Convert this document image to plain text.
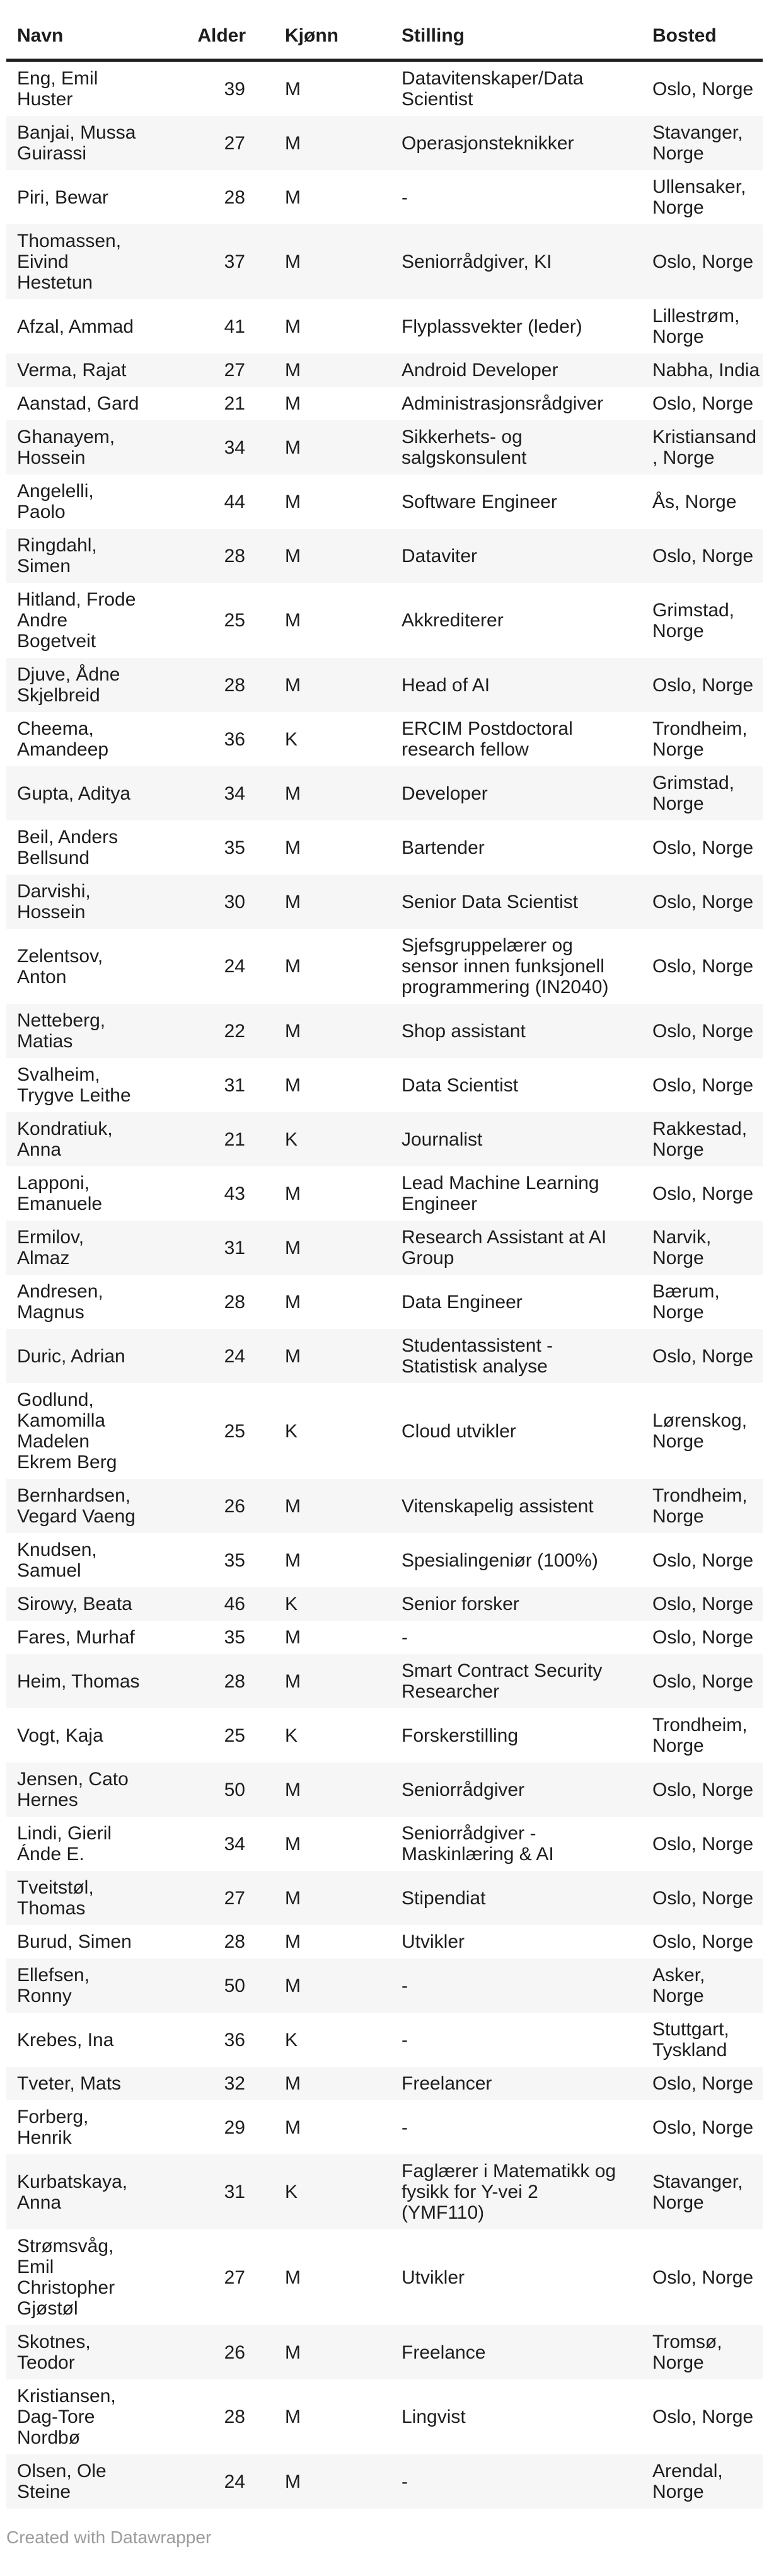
Navn	Alder	Kjønn	Stilling	Bosted
Eng, Emil Huster	39	M	Datavitenskaper/Data Scientist	Oslo, Norge
Banjai, Mussa Guirassi	27	M	Operasjonsteknikker	Stavanger, Norge
Piri, Bewar	28	M	-	Ullensaker, Norge
Thomassen, Eivind Hestetun	37	M	Seniorrådgiver, KI	Oslo, Norge
Afzal, Ammad	41	M	Flyplassvekter (leder)	Lillestrøm, Norge
Verma, Rajat	27	M	Android Developer	Nabha, India
Aanstad, Gard	21	M	Administrasjonsrådgiver	Oslo, Norge
Ghanayem, Hossein	34	M	Sikkerhets- og salgskonsulent	Kristiansand, Norge
Angelelli, Paolo	44	M	Software Engineer	Ås, Norge
Ringdahl, Simen	28	M	Dataviter	Oslo, Norge
Hitland, Frode Andre Bogetveit	25	M	Akkrediterer	Grimstad, Norge
Djuve, Ådne Skjelbreid	28	M	Head of AI	Oslo, Norge
Cheema, Amandeep	36	K	ERCIM Postdoctoral research fellow	Trondheim, Norge
Gupta, Aditya	34	M	Developer	Grimstad, Norge
Beil, Anders Bellsund	35	M	Bartender	Oslo, Norge
Darvishi, Hossein	30	M	Senior Data Scientist	Oslo, Norge
Zelentsov, Anton	24	M	Sjefsgruppelærer og sensor innen funksjonell programmering (IN2040)	Oslo, Norge
Netteberg, Matias	22	M	Shop assistant	Oslo, Norge
Svalheim, Trygve Leithe	31	M	Data Scientist	Oslo, Norge
Kondratiuk, Anna	21	K	Journalist	Rakkestad, Norge
Lapponi, Emanuele	43	M	Lead Machine Learning Engineer	Oslo, Norge
Ermilov, Almaz	31	M	Research Assistant at AI Group	Narvik, Norge
Andresen, Magnus	28	M	Data Engineer	Bærum, Norge
Duric, Adrian	24	M	Studentassistent - Statistisk analyse	Oslo, Norge
Godlund, Kamomilla Madelen Ekrem Berg	25	K	Cloud utvikler	Lørenskog, Norge
Bernhardsen, Vegard Vaeng	26	M	Vitenskapelig assistent	Trondheim, Norge
Knudsen, Samuel	35	M	Spesialingeniør (100%)	Oslo, Norge
Sirowy, Beata	46	K	Senior forsker	Oslo, Norge
Fares, Murhaf	35	M	-	Oslo, Norge
Heim, Thomas	28	M	Smart Contract Security Researcher	Oslo, Norge
Vogt, Kaja	25	K	Forskerstilling	Trondheim, Norge
Jensen, Cato Hernes	50	M	Seniorrådgiver	Oslo, Norge
Lindi, Gieril Ánde E.	34	M	Seniorrådgiver - Maskinlæring & AI	Oslo, Norge
Tveitstøl, Thomas	27	M	Stipendiat	Oslo, Norge
Burud, Simen	28	M	Utvikler	Oslo, Norge
Ellefsen, Ronny	50	M	-	Asker, Norge
Krebes, Ina	36	K	-	Stuttgart, Tyskland
Tveter, Mats	32	M	Freelancer	Oslo, Norge
Forberg, Henrik	29	M	-	Oslo, Norge
Kurbatskaya, Anna	31	K	Faglærer i Matematikk og fysikk for Y-vei 2 (YMF110)	Stavanger, Norge
Strømsvåg, Emil Christopher Gjøstøl	27	M	Utvikler	Oslo, Norge
Skotnes, Teodor	26	M	Freelance	Tromsø, Norge
Kristiansen, Dag-Tore Nordbø	28	M	Lingvist	Oslo, Norge
Olsen, Ole Steine	24	M	-	Arendal, Norge
Created with Datawrapper
